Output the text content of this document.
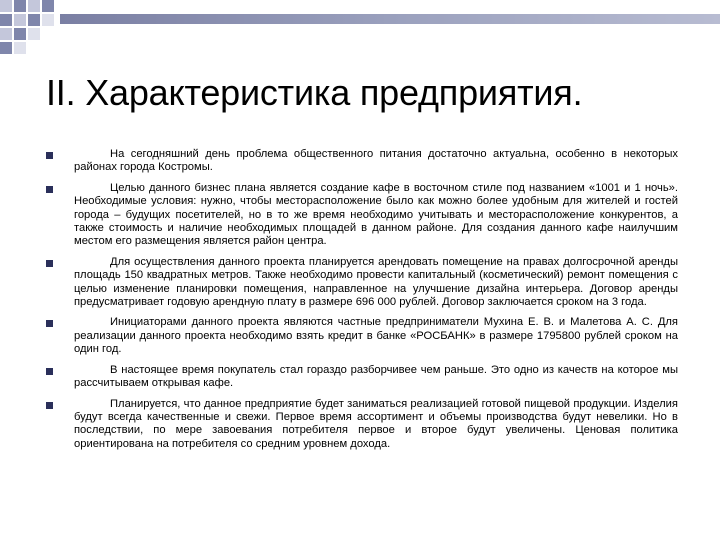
II. Характеристика предприятия.
На сегодняшний день проблема общественного питания достаточно актуальна, особенно в некоторых районах города Костромы.
Целью данного бизнес плана является создание кафе в восточном стиле под названием «1001 и 1 ночь». Необходимые условия: нужно, чтобы месторасположение было как можно более удобным для жителей и гостей города – будущих посетителей, но в то же время необходимо учитывать и месторасположение конкурентов, а также стоимость и наличие необходимых площадей в данном районе. Для создания данного кафе наилучшим местом его размещения является район центра.
Для осуществления данного проекта планируется арендовать помещение на правах долгосрочной аренды площадь 150 квадратных метров. Также необходимо провести капитальный (косметический) ремонт помещения с целью изменение планировки помещения, направленное на улучшение дизайна интерьера. Договор аренды предусматривает годовую арендную плату в размере 696 000 рублей. Договор заключается сроком на 3 года.
Инициаторами данного проекта являются частные предприниматели Мухина Е. В. и Малетова А. С. Для реализации данного проекта необходимо взять кредит в банке «РОСБАНК» в размере 1795800 рублей сроком на один год.
В настоящее время покупатель стал гораздо разборчивее чем раньше. Это одно из качеств на которое мы рассчитываем открывая кафе.
Планируется, что данное предприятие будет заниматься реализацией готовой пищевой продукции. Изделия будут всегда качественные и свежи. Первое время ассортимент и объемы производства будут невелики. Но в последствии, по мере завоевания потребителя первое и второе будут увеличены. Ценовая политика ориентирована на потребителя со средним уровнем дохода.
